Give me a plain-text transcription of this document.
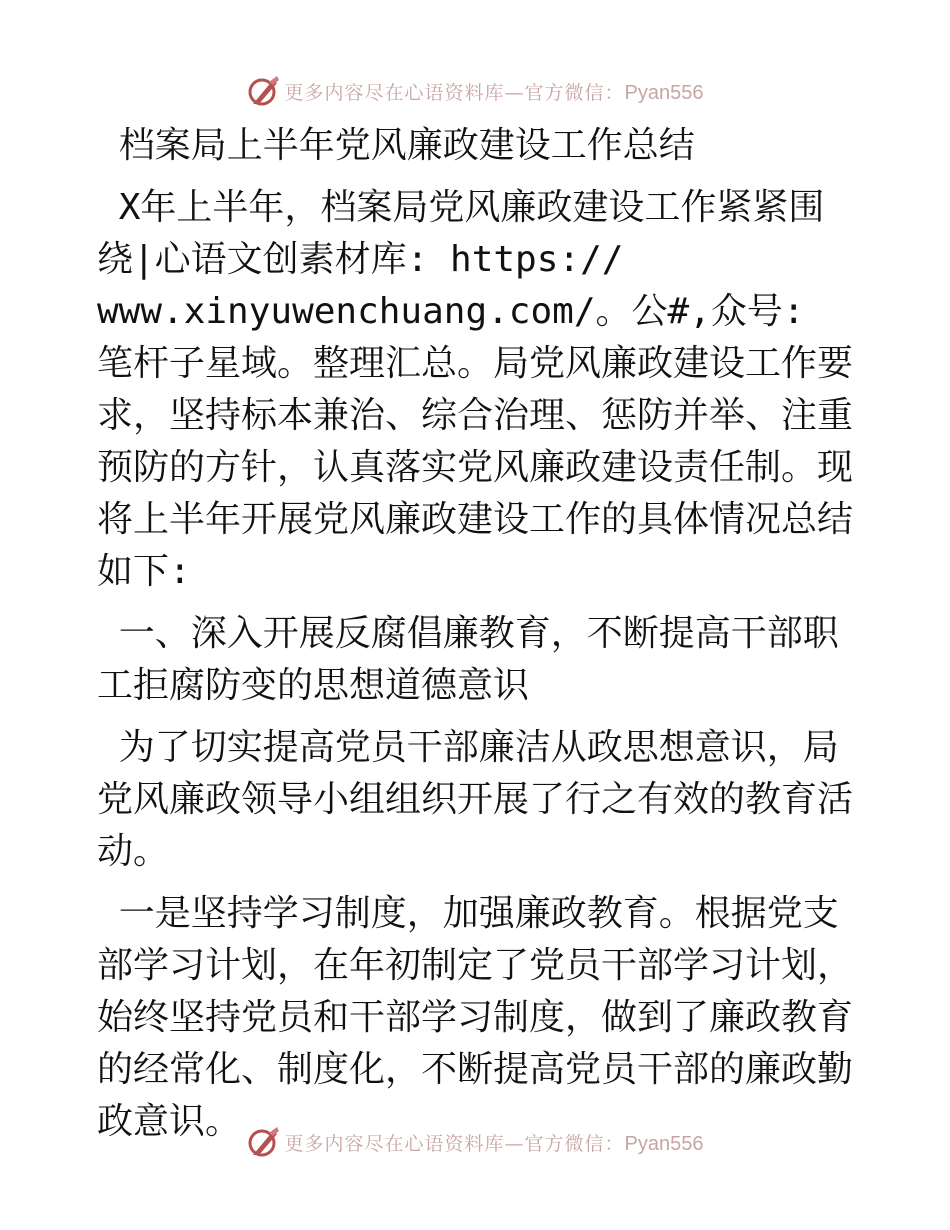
更多内容尽在心语资料库—官方微信：Pyan556

档案局上半年党风廉政建设工作总结

X年上半年，档案局党风廉政建设工作紧紧围绕|心语文创素材库: https://
www.xinyuwenchuang.com/。公#,众号: 笔杆子星域。整理汇总。局党风廉政建设工作要求，坚持标本兼治、综合治理、惩防并举、注重预防的方针，认真落实党风廉政建设责任制。现将上半年开展党风廉政建设工作的具体情况总结如下:

一、深入开展反腐倡廉教育，不断提高干部职工拒腐防变的思想道德意识

为了切实提高党员干部廉洁从政思想意识，局党风廉政领导小组组织开展了行之有效的教育活动。

一是坚持学习制度，加强廉政教育。根据党支部学习计划，在年初制定了党员干部学习计划，始终坚持党员和干部学习制度，做到了廉政教育的经常化、制度化，不断提高党员干部的廉政勤政意识。

更多内容尽在心语资料库—官方微信：Pyan556
